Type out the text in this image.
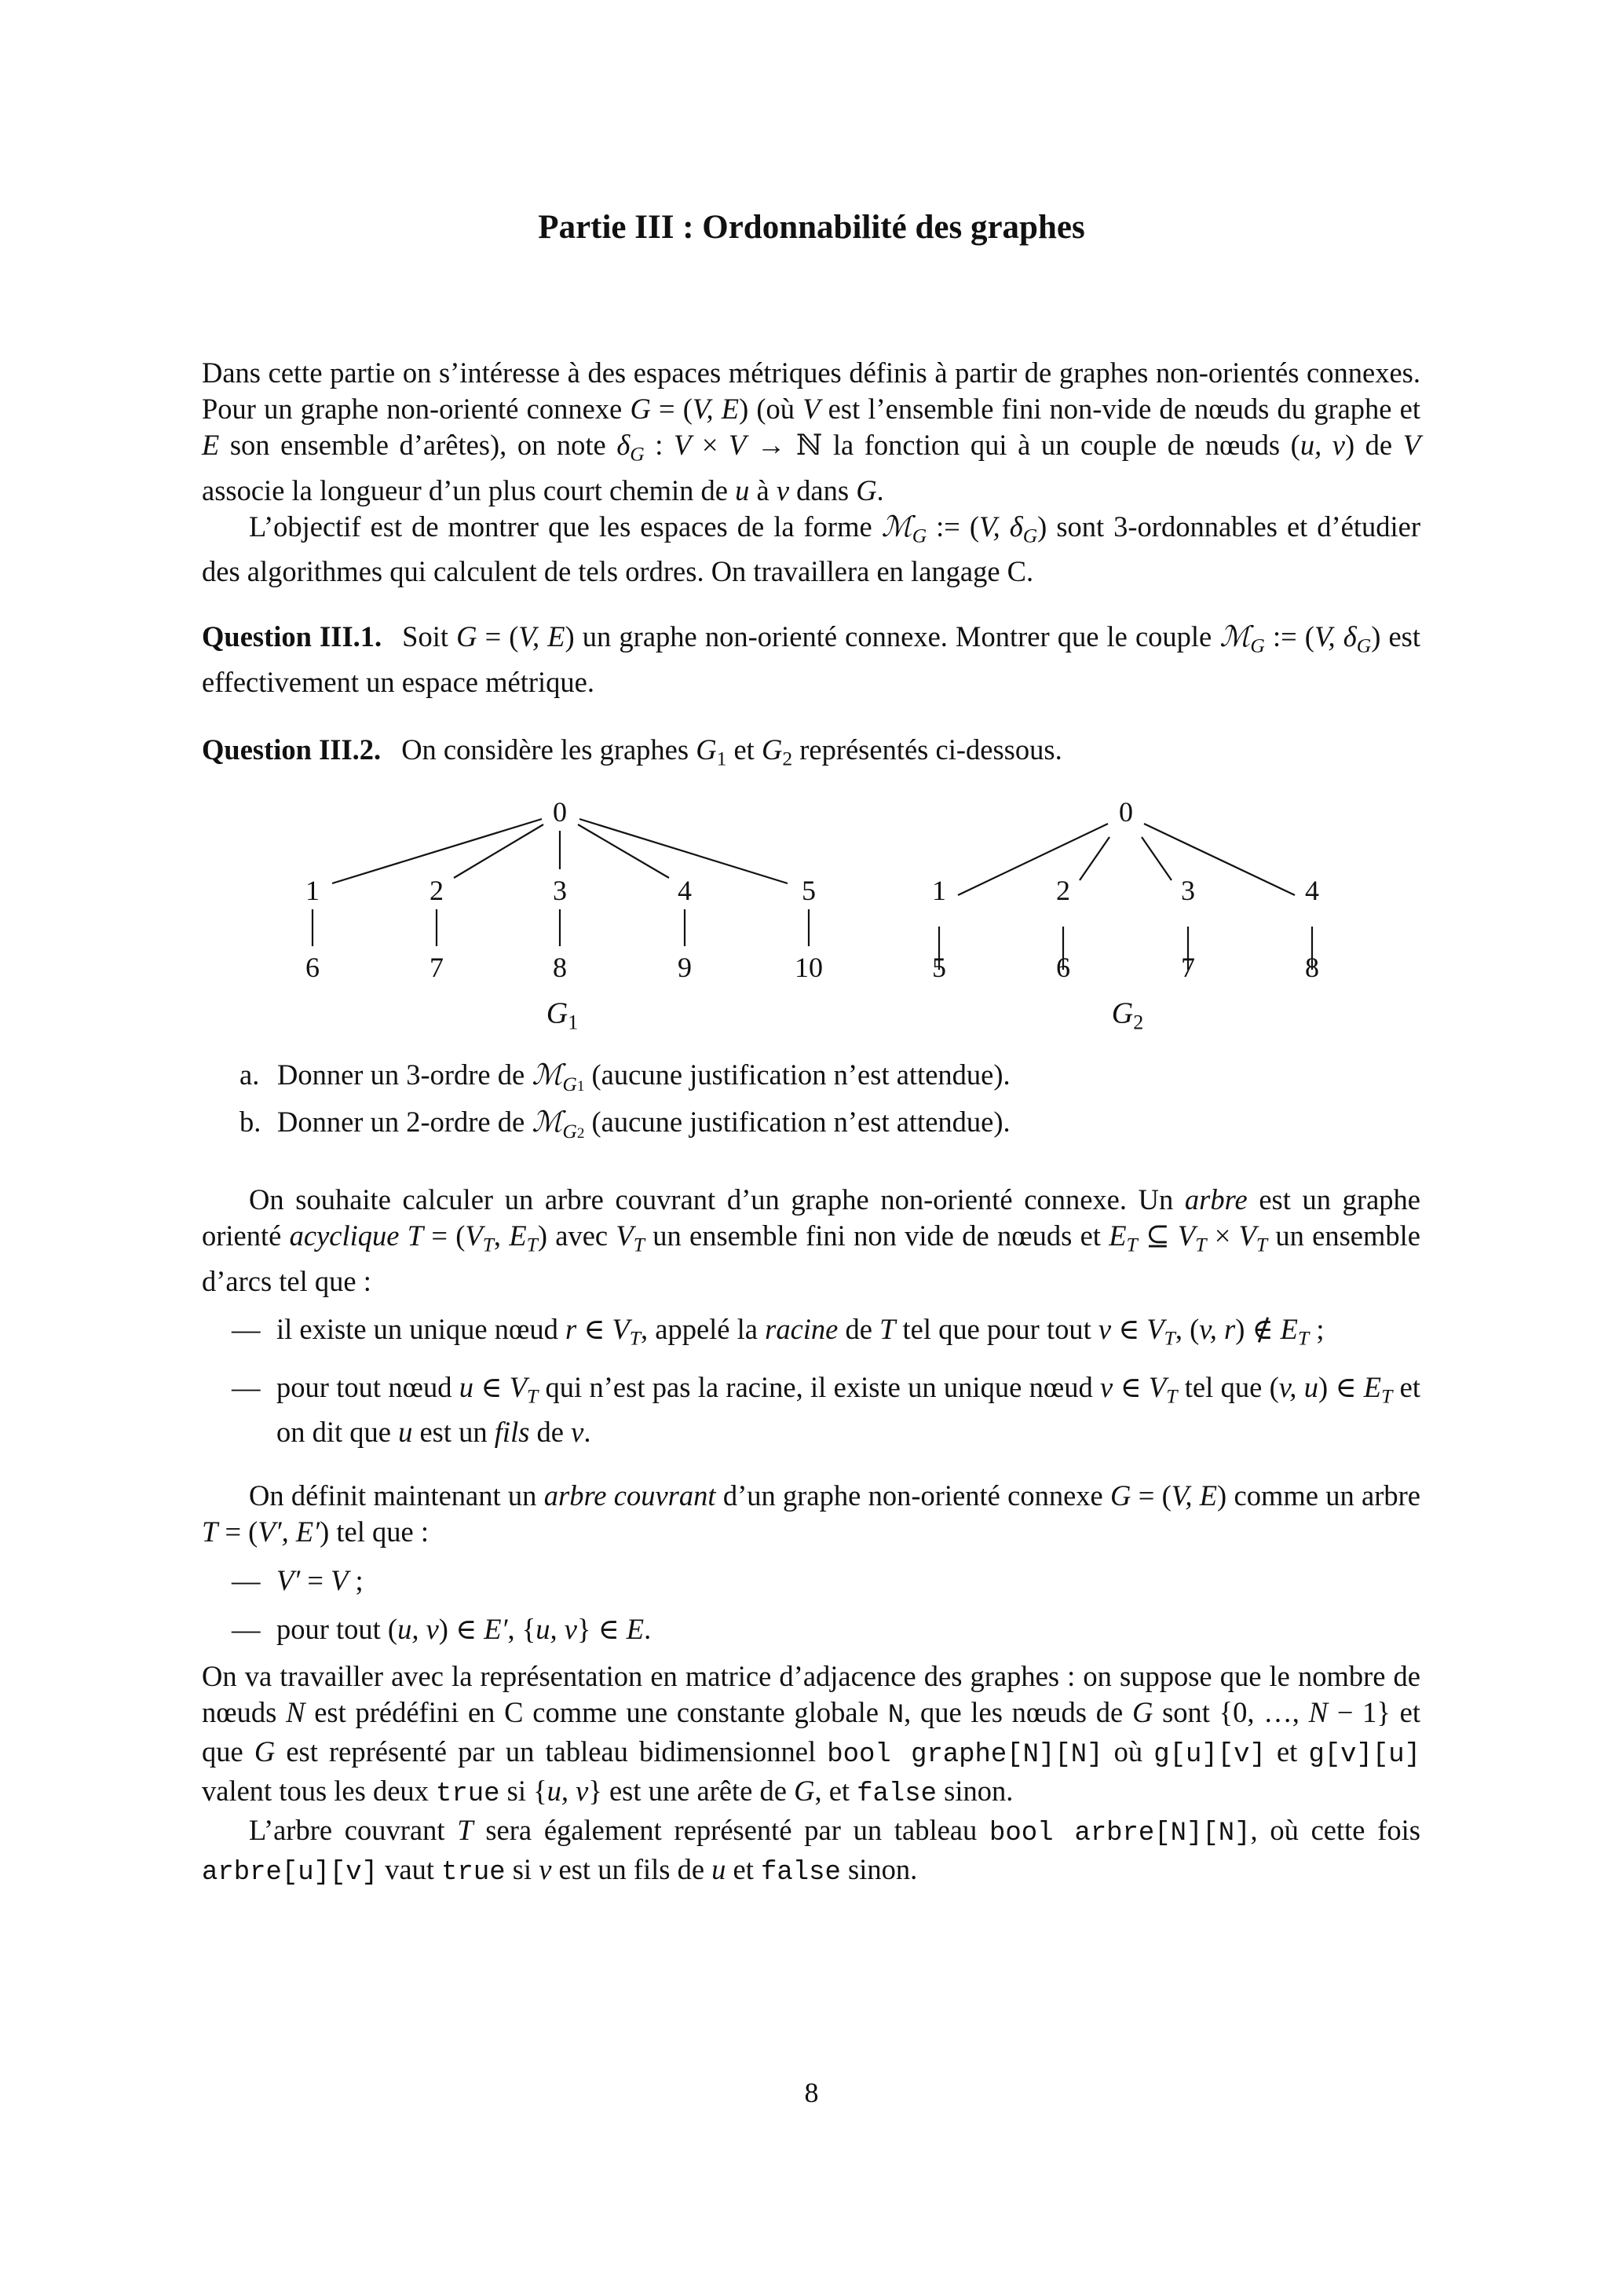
Partie III : Ordonnabilité des graphes

Dans cette partie on s’intéresse à des espaces métriques définis à partir de graphes non-orientés connexes. Pour un graphe non-orienté connexe G = (V, E) (où V est l’ensemble fini non-vide de nœuds du graphe et E son ensemble d’arêtes), on note $\delta_G$ : V × V → ℕ la fonction qui à un couple de nœuds (u, v) de V associe la longueur d’un plus court chemin de u à v dans G.

L’objectif est de montrer que les espaces de la forme ℳ$_G$ := (V, $\delta_G$) sont 3-ordonnables et d’étudier des algorithmes qui calculent de tels ordres. On travaillera en langage C.

Question III.1. Soit G = (V, E) un graphe non-orienté connexe. Montrer que le couple ℳ$_G$ := (V, $\delta_G$) est effectivement un espace métrique.

Question III.2. On considère les graphes $G_1$ et $G_2$ représentés ci-dessous.

0
1	2	3	4	5
6	7	8	9	10
$G_1$
0
1	2	3	4
5	6	7	8
$G_2$
a. Donner un 3-ordre de ℳ$_{G1}$ (aucune justification n’est attendue).
b. Donner un 2-ordre de ℳ$_{G2}$ (aucune justification n’est attendue).

On souhaite calculer un arbre couvrant d’un graphe non-orienté connexe. Un arbre est un graphe orienté acyclique $T = (V_T$, $E_T$) avec $V_T$ un ensemble fini non vide de nœuds et $E_T$ ⊆ $V_T \times V_T$ un ensemble d’arcs tel que :

— il existe un unique nœud r ∈ $V_T$, appelé la racine de T tel que pour tout v ∈ $V_T$, (v, r) ∉ $E_T$ ;
— pour tout nœud u ∈ $V_T$ qui n’est pas la racine, il existe un unique nœud v ∈ $V_T$ tel que (v, u) ∈ $E_T$ et on dit que u est un fils de v.

On définit maintenant un arbre couvrant d’un graphe non-orienté connexe G = (V, E) comme un arbre T = (V′, E′) tel que :

— V′ = V ;
— pour tout (u, v) ∈ E′, {u, v} ∈ E.

On va travailler avec la représentation en matrice d’adjacence des graphes : on suppose que le nombre de nœuds N est prédéfini en C comme une constante globale N, que les nœuds de G sont {0, …, N − 1} et que G est représenté par un tableau bidimensionnel bool graphe[N][N] où g[u][v] et g[v][u] valent tous les deux true si {u, v} est une arête de G, et false sinon.

L’arbre couvrant T sera également représenté par un tableau bool arbre[N][N], où cette fois arbre[u][v] vaut true si v est un fils de u et false sinon.

8
